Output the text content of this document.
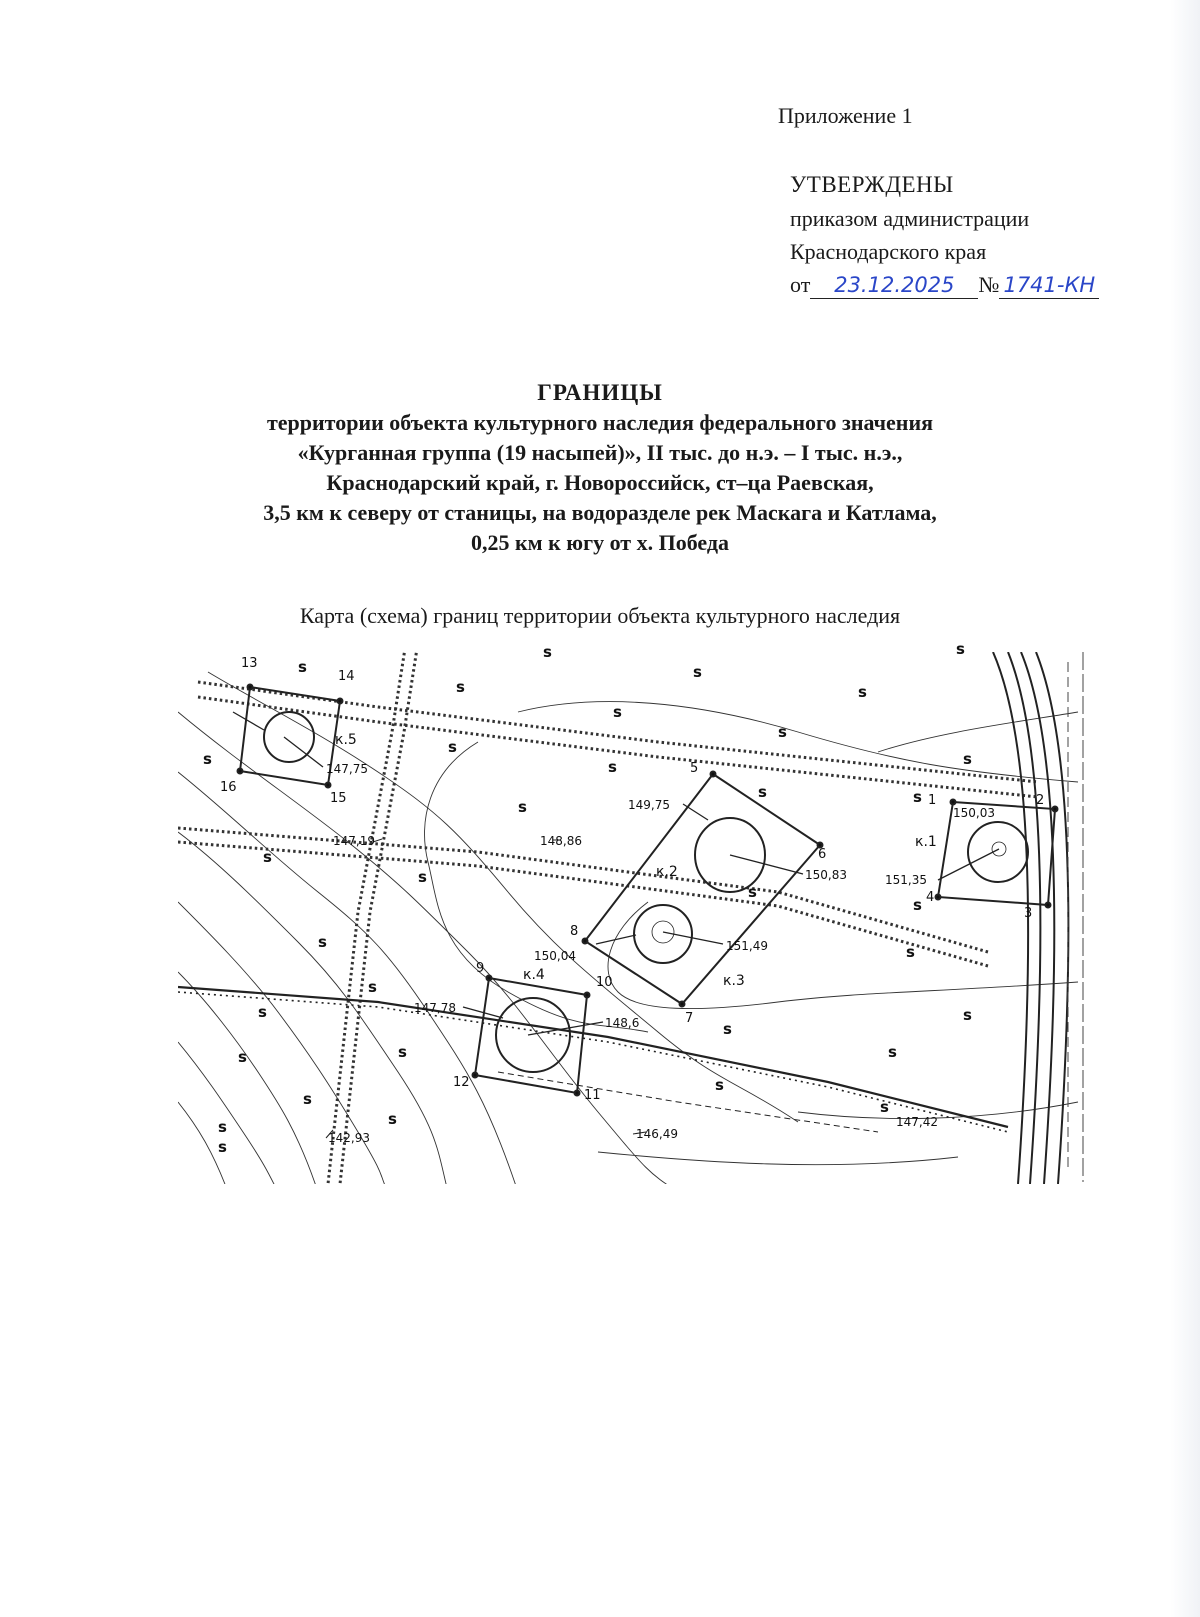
Приложение 1
УТВЕРЖДЕНЫ
приказом администрации
Краснодарского края
от 23.12.2025 № 1741-КН
ГРАНИЦЫ
территории объекта культурного наследия федерального значения
«Курганная группа (19 насыпей)», II тыс. до н.э. – I тыс. н.э.,
Краснодарский край, г. Новороссийск, ст–ца Раевская,
3,5 км к северу от станицы, на водоразделе рек Маскага и Катлама,
0,25 км к югу от х. Победа
Карта (схема) границ территории объекта культурного наследия
s
s
s
s
s
s
s
s
s
s
s
s
s
s
s
s
s
s
s
s
s
s
s
s
s
s
s
s
s
s
s
s
s
s
к.5
к.1
к.2
к.3
к.4
150,03
151,35
149,75
150,83
150,04
151,49
147,78
148,6
147,75
147,19	148,86
142,93	146,49
147,42
1	2
3
4
5
6
7
8
9
10
11
12
13
14
15
16
